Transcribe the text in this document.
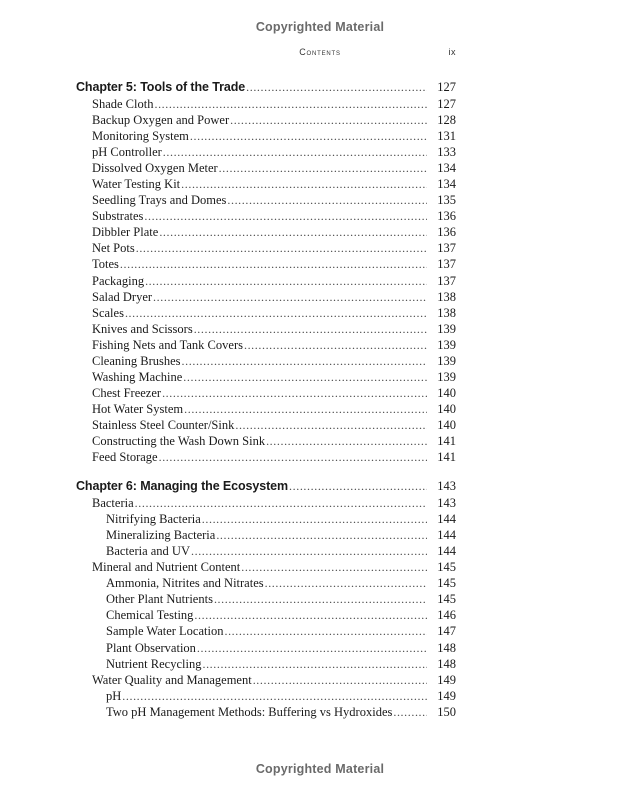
Copyrighted Material
Contents	ix
Chapter 5: Tools of the Trade .....	127
Shade Cloth .....	127
Backup Oxygen and Power .....	128
Monitoring System .....	131
pH Controller .....	133
Dissolved Oxygen Meter .....	134
Water Testing Kit .....	134
Seedling Trays and Domes .....	135
Substrates .....	136
Dibbler Plate .....	136
Net Pots .....	137
Totes .....	137
Packaging .....	137
Salad Dryer .....	138
Scales .....	138
Knives and Scissors .....	139
Fishing Nets and Tank Covers .....	139
Cleaning Brushes .....	139
Washing Machine .....	139
Chest Freezer .....	140
Hot Water System .....	140
Stainless Steel Counter/Sink .....	140
Constructing the Wash Down Sink .....	141
Feed Storage .....	141
Chapter 6: Managing the Ecosystem .....	143
Bacteria .....	143
Nitrifying Bacteria .....	144
Mineralizing Bacteria .....	144
Bacteria and UV .....	144
Mineral and Nutrient Content .....	145
Ammonia, Nitrites and Nitrates .....	145
Other Plant Nutrients .....	145
Chemical Testing .....	146
Sample Water Location .....	147
Plant Observation .....	148
Nutrient Recycling .....	148
Water Quality and Management .....	149
pH .....	149
Two pH Management Methods: Buffering vs Hydroxides .....	150
Copyrighted Material
